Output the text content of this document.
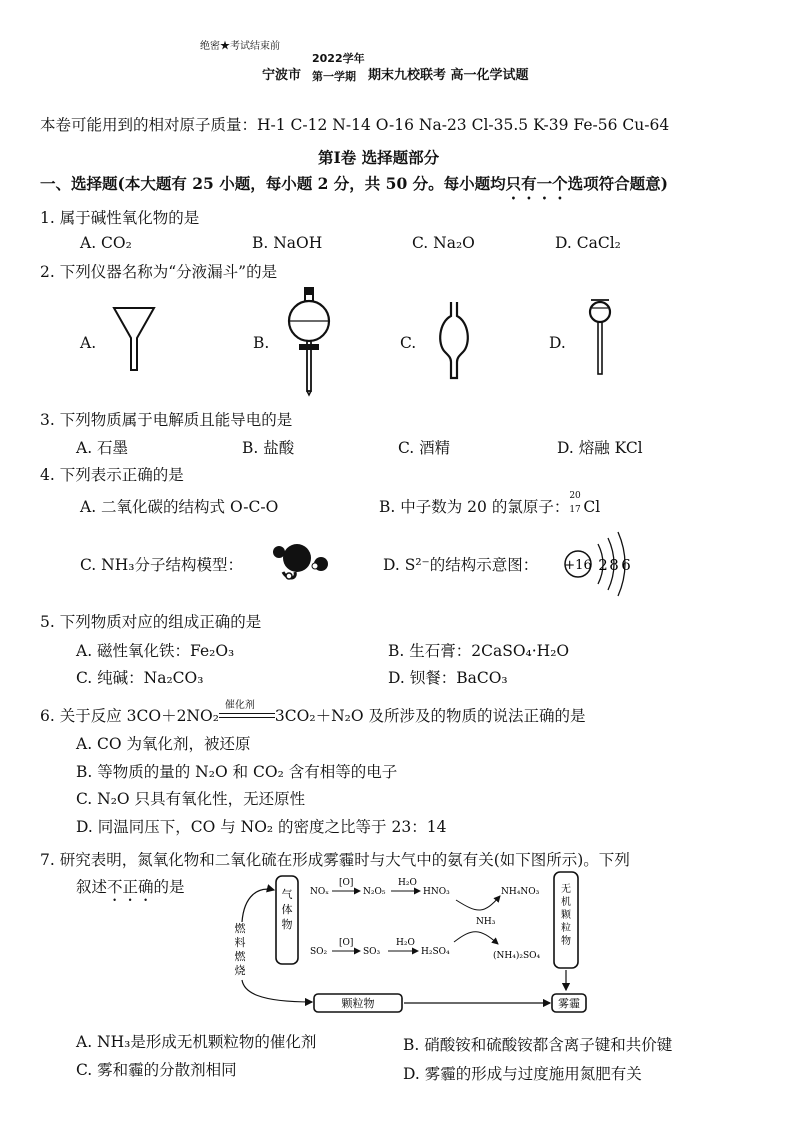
绝密★考试结束前
宁波市
2022学年
第一学期 期末九校联考 高一化学试题
本卷可能用到的相对原子质量：H-1 C-12 N-14 O-16 Na-23 Cl-35.5 K-39 Fe-56 Cu-64
第Ⅰ卷 选择题部分
一、选择题(本大题有 25 小题，每小题 2 分，共 50 分。每小题均只有一个选项符合题意)
1. 属于碱性氧化物的是
A. CO₂	B. NaOH	C. Na₂O	D. CaCl₂
2. 下列仪器名称为“分液漏斗”的是
A.	B.	C.	D.
3. 下列物质属于电解质且能导电的是
A. 石墨	B. 盐酸	C. 酒精	D. 熔融 KCl
4. 下列表示正确的是
A. 二氧化碳的结构式 O-C-O	B. 中子数为 20 的氯原子：
20
17 Cl
C. NH₃分子结构模型：	D. S²⁻的结构示意图： +16 2 8 6
5. 下列物质对应的组成正确的是
A. 磁性氧化铁：Fe₂O₃	B. 生石膏：2CaSO₄·H₂O
C. 纯碱：Na₂CO₃	D. 钡餐：BaCO₃
6. 关于反应 3CO＋2NO₂
催化剂
3CO₂＋N₂O 及所涉及的物质的说法正确的是
A. CO 为氧化剂，被还原
B. 等物质的量的 N₂O 和 CO₂ 含有相等的电子
C. N₂O 只具有氧化性，无还原性
D. 同温同压下，CO 与 NO₂ 的密度之比等于 23：14
7. 研究表明，氮氧化物和二氧化硫在形成雾霾时与大气中的氨有关(如下图所示)。下列
叙述不正确的是	气
体
物
燃
料
燃
烧
NOₓ
[O]
N₂O₅
H₂O
HNO₃	NH₄NO₃
NH₃
SO₂
[O]
SO₃
H₂O
H₂SO₄	(NH₄)₂SO₄
无
机
颗
粒
物
颗粒物	雾霾
A. NH₃是形成无机颗粒物的催化剂	B. 硝酸铵和硫酸铵都含离子键和共价键
C. 雾和霾的分散剂相同	D. 雾霾的形成与过度施用氮肥有关
